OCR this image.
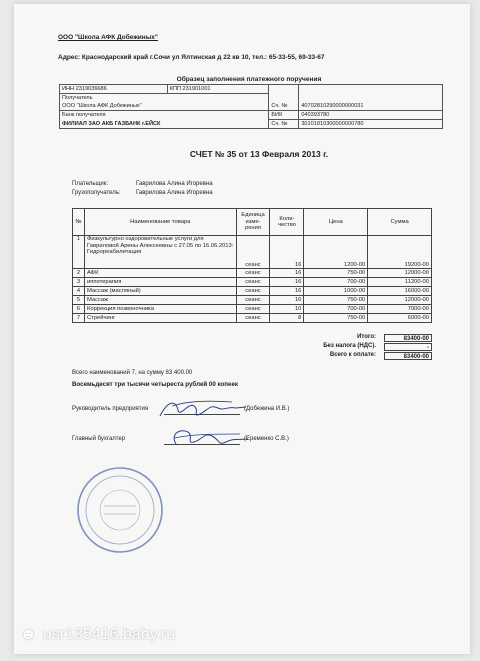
ООО "Школа АФК Добежиных"
Адрес: Краснодарский край г.Сочи ул Ялтинская д 22 кв 10, тел.: 65-33-55, 69-33-67
Образец заполнения платежного поручения
ИНН 2319036686	КПП 231901001	Сч. №	40702810290000000031
Получатель			
ООО "Школа АФК Добежиных"			
Банк получателя		БИК	040393780
ФИЛИАЛ ЗАО АКБ ГАЗБАНК г.ЕЙСК		Сч. №	30101810300000000780
СЧЕТ № 35 от 13 Февраля 2013 г.
Плательщик:	Гаврилова Алина Игоревна
Грузополучатель:	Гаврилова Алина Игоревна
№	Наименование товара	Единица изме- рения	Коли- чество	Цена	Сумма
1	Физкультурно оздоровительные услуги для Гавриловой Арины Алексеевны с 27.05 по 16.06.2013: Гидрореабилитация	сеанс	16	1200-00	19200-00
2	АФК	сеанс	16	750-00	12000-00
3	иппотерапия	сеанс	16	700-00	11200-00
4	Массаж (масляный)	сеанс	16	1000-00	16000-00
5	Массаж	сеанс	16	750-00	12000-00
6	Коррекция позвоночника	сеанс	10	700-00	7000-00
7	Стрейчинг	сеанс	8	750-00	6000-00
Итого:	83400-00
Без налога (НДС).	-
Всего к оплате:	83400-00
Всего наименований 7, на сумму 83 400.00
Восемьдесят три тысячи четыреста рублей 00 копеек
Руководитель предприятия	(Добежина И.В.)
Главный бухгалтер	(Еременко С.В.)
☻ usr135416.baby.ru
